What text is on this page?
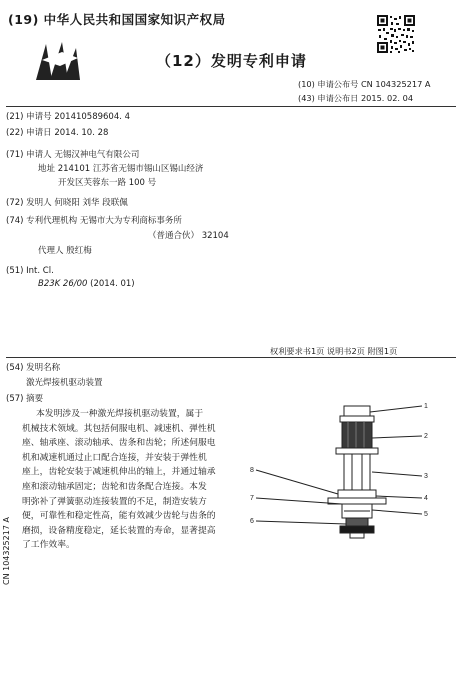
(19) 中华人民共和国国家知识产权局
（12）发明专利申请
(10) 申请公布号 CN 104325217 A
(43) 申请公布日 2015. 02. 04
(21) 申请号 201410589604. 4
(22) 申请日 2014. 10. 28
(71) 申请人 无锡汉神电气有限公司
地址 214101 江苏省无锡市锡山区锡山经济
开发区芙蓉东一路 100 号
(72) 发明人 何晓阳 刘华 段联佩
(74) 专利代理机构 无锡市大为专利商标事务所
（普通合伙） 32104
代理人 殷红梅
(51) Int. Cl.
B23K 26/00 (2014. 01)
权利要求书1页 说明书2页 附图1页
(54) 发明名称
激光焊接机驱动装置
(57) 摘要
本发明涉及一种激光焊接机驱动装置，属于
机械技术领域。其包括伺服电机、减速机、弹性机
座、轴承座、滚动轴承、齿条和齿轮；所述伺服电
机和减速机通过止口配合连接，并安装于弹性机
座上，齿轮安装于减速机伸出的轴上，并通过轴承
座和滚动轴承固定；齿轮和齿条配合连接。本发
明弥补了弹簧驱动连接装置的不足，制造安装方
便，可靠性和稳定性高，能有效减少齿轮与齿条的
磨损，设备精度稳定，延长装置的寿命，显著提高
了工作效率。
1
2
3
4
5
6
7
8
CN 104325217 A
